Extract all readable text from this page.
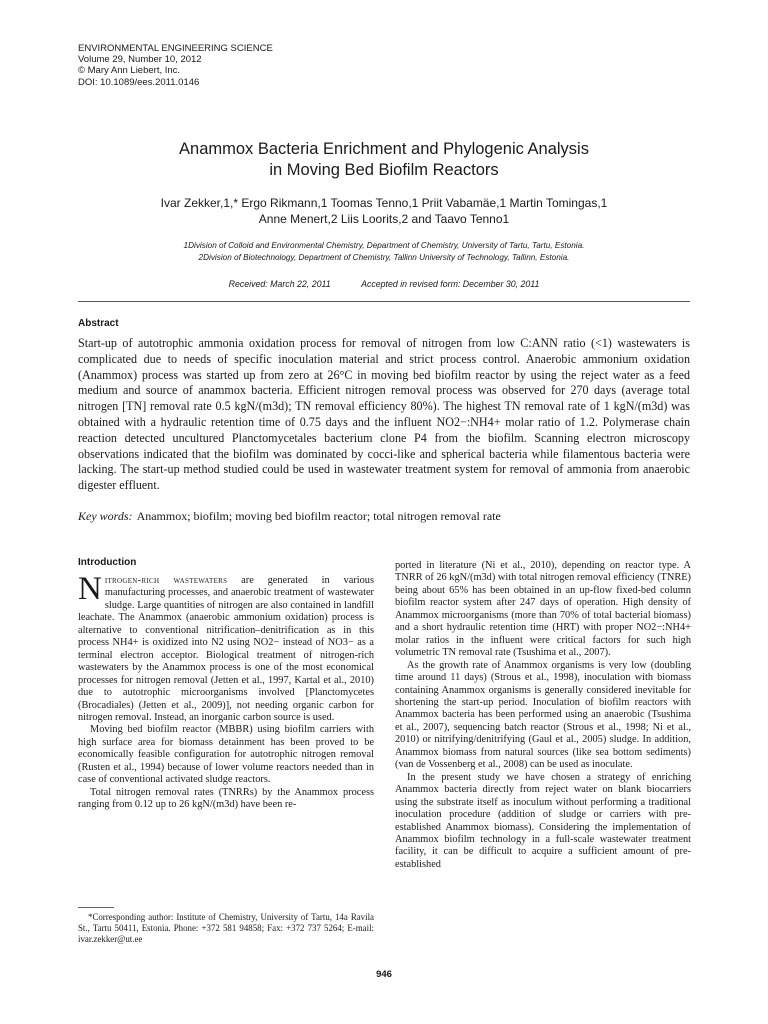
ENVIRONMENTAL ENGINEERING SCIENCE
Volume 29, Number 10, 2012
© Mary Ann Liebert, Inc.
DOI: 10.1089/ees.2011.0146
Anammox Bacteria Enrichment and Phylogenic Analysis
in Moving Bed Biofilm Reactors
Ivar Zekker,1,* Ergo Rikmann,1 Toomas Tenno,1 Priit Vabamäe,1 Martin Tomingas,1
Anne Menert,2 Liis Loorits,2 and Taavo Tenno1
1Division of Colloid and Environmental Chemistry, Department of Chemistry, University of Tartu, Tartu, Estonia.
2Division of Biotechnology, Department of Chemistry, Tallinn University of Technology, Tallinn, Estonia.
Received: March 22, 2011	Accepted in revised form: December 30, 2011
Abstract
Start-up of autotrophic ammonia oxidation process for removal of nitrogen from low C:ANN ratio (<1) wastewaters is complicated due to needs of specific inoculation material and strict process control. Anaerobic ammonium oxidation (Anammox) process was started up from zero at 26°C in moving bed biofilm reactor by using the reject water as a feed medium and source of anammox bacteria. Efficient nitrogen removal process was observed for 270 days (average total nitrogen [TN] removal rate 0.5 kgN/(m3d); TN removal efficiency 80%). The highest TN removal rate of 1 kgN/(m3d) was obtained with a hydraulic retention time of 0.75 days and the influent NO2−:NH4+ molar ratio of 1.2. Polymerase chain reaction detected uncultured Planctomycetales bacterium clone P4 from the biofilm. Scanning electron microscopy observations indicated that the biofilm was dominated by cocci-like and spherical bacteria while filamentous bacteria were lacking. The start-up method studied could be used in wastewater treatment system for removal of ammonia from anaerobic digester effluent.
Key words: Anammox; biofilm; moving bed biofilm reactor; total nitrogen removal rate
Introduction

Nitrogen-rich wastewaters are generated in various manufacturing processes, and anaerobic treatment of wastewater sludge. Large quantities of nitrogen are also contained in landfill leachate. The Anammox (anaerobic ammonium oxidation) process is alternative to conventional nitrification–denitrification as in this process NH4+ is oxidized into N2 using NO2− instead of NO3− as a terminal electron acceptor. Biological treatment of nitrogen-rich wastewaters by the Anammox process is one of the most economical processes for nitrogen removal (Jetten et al., 1997, Kartal et al., 2010) due to autotrophic microorganisms involved [Planctomycetes (Brocadiales) (Jetten et al., 2009)], not needing organic carbon for nitrogen removal. Instead, an inorganic carbon source is used.

Moving bed biofilm reactor (MBBR) using biofilm carriers with high surface area for biomass detainment has been proved to be economically feasible configuration for autotrophic nitrogen removal (Rusten et al., 1994) because of lower volume reactors needed than in case of conventional activated sludge reactors.

Total nitrogen removal rates (TNRRs) by the Anammox process ranging from 0.12 up to 26 kgN/(m3d) have been re-

ported in literature (Ni et al., 2010), depending on reactor type. A TNRR of 26 kgN/(m3d) with total nitrogen removal efficiency (TNRE) being about 65% has been obtained in an up-flow fixed-bed column biofilm reactor system after 247 days of operation. High density of Anammox microorganisms (more than 70% of total bacterial biomass) and a short hydraulic retention time (HRT) with proper NO2−:NH4+ molar ratios in the influent were critical factors for such high volumetric TN removal rate (Tsushima et al., 2007).

As the growth rate of Anammox organisms is very low (doubling time around 11 days) (Strous et al., 1998), inoculation with biomass containing Anammox organisms is generally considered inevitable for shortening the start-up period. Inoculation of biofilm reactors with Anammox bacteria has been performed using an anaerobic (Tsushima et al., 2007), sequencing batch reactor (Strous et al., 1998; Ni et al., 2010) or nitrifying/denitrifying (Gaul et al., 2005) sludge. In addition, Anammox biomass from natural sources (like sea bottom sediments) (van de Vossenberg et al., 2008) can be used as inoculate.

In the present study we have chosen a strategy of enriching Anammox bacteria directly from reject water on blank biocarriers using the substrate itself as inoculum without performing a traditional inoculation procedure (addition of sludge or carriers with pre-established Anammox biomass). Considering the implementation of Anammox biofilm technology in a full-scale wastewater treatment facility, it can be difficult to acquire a sufficient amount of pre-established

*Corresponding author: Institute of Chemistry, University of Tartu, 14a Ravila St., Tartu 50411, Estonia. Phone: +372 581 94858; Fax: +372 737 5264; E-mail: ivar.zekker@ut.ee

946
